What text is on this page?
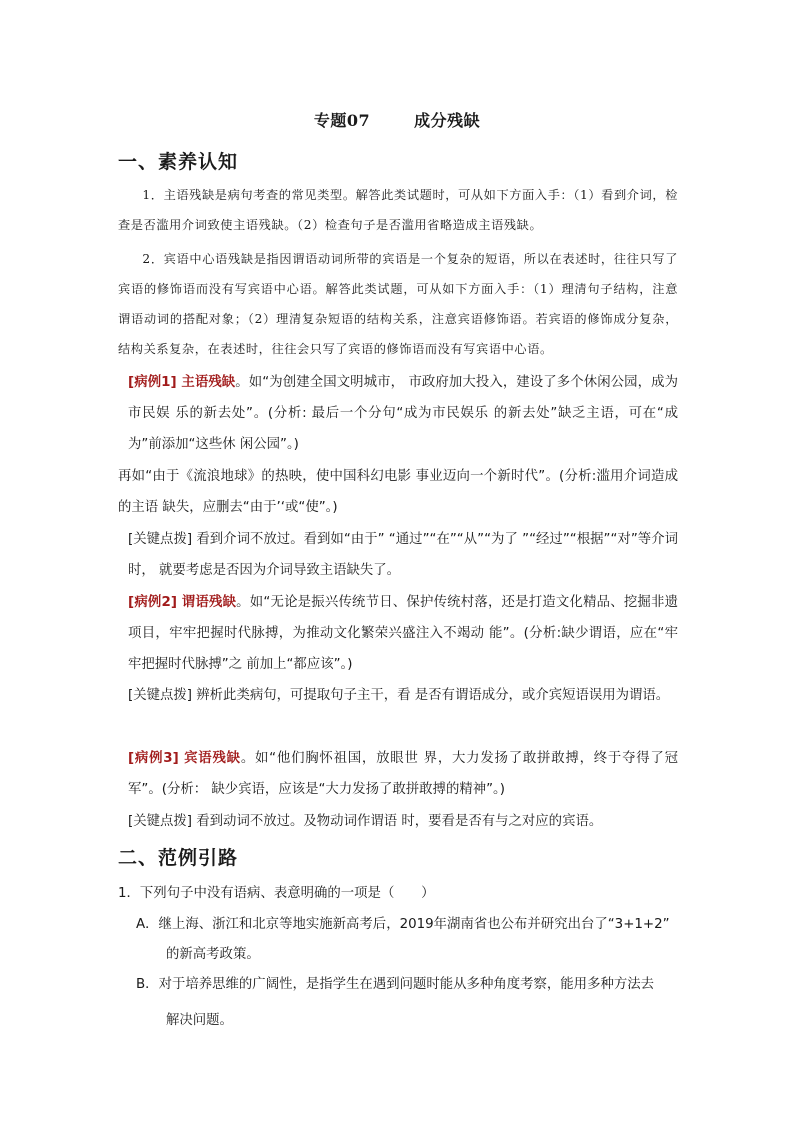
专题07	成分残缺
一、素养认知

1．主语残缺是病句考查的常见类型。解答此类试题时，可从如下方面入手：（1）看到介词，检查是否滥用介词致使主语残缺。（2）检查句子是否滥用省略造成主语残缺。

2．宾语中心语残缺是指因谓语动词所带的宾语是一个复杂的短语，所以在表述时，往往只写了宾语的修饰语而没有写宾语中心语。解答此类试题，可从如下方面入手：（1）理清句子结构，注意谓语动词的搭配对象；（2）理清复杂短语的结构关系，注意宾语修饰语。若宾语的修饰成分复杂，结构关系复杂，在表述时，往往会只写了宾语的修饰语而没有写宾语中心语。

[病例1] 主语残缺。如“为创建全国文明城市， 市政府加大投入，建设了多个休闲公园，成为市民娱 乐的新去处”。(分析: 最后一个分句“成为市民娱乐 的新去处”缺乏主语，可在“成为”前添加“这些休 闲公园”。)

再如“由于《流浪地球》的热映，使中国科幻电影 事业迈向一个新时代”。(分析:滥用介词造成的主语 缺失，应删去“由于’‘或“使”。)

[关键点拨] 看到介词不放过。看到如“由于” “通过”“在”“从”“为了 ”“经过”“根据”“对”等介词时， 就要考虑是否因为介词导致主语缺失了。

[病例2] 谓语残缺。如“无论是振兴传统节日、保护传统村落，还是打造文化精品、挖掘非遗项目，牢牢把握时代脉搏，为推动文化繁荣兴盛注入不竭动 能”。(分析:缺少谓语，应在“牢牢把握时代脉搏”之 前加上“都应该”。)

[关键点拨] 辨析此类病句，可提取句子主干，看 是否有谓语成分，或介宾短语误用为谓语。

[病例3] 宾语残缺。如“他们胸怀祖国，放眼世 界，大力发扬了敢拼敢搏，终于夺得了冠军”。(分析： 缺少宾语，应该是“大力发扬了敢拼敢搏的精神”。)

[关键点拨] 看到动词不放过。及物动词作谓语 时，要看是否有与之对应的宾语。

二、范例引路

1．下列句子中没有语病、表意明确的一项是（　　）

A．继上海、浙江和北京等地实施新高考后，2019年湖南省也公布并研究出台了“3+1+2”
的新高考政策。

B．对于培养思维的广阔性，是指学生在遇到问题时能从多种角度考察，能用多种方法去
解决问题。
